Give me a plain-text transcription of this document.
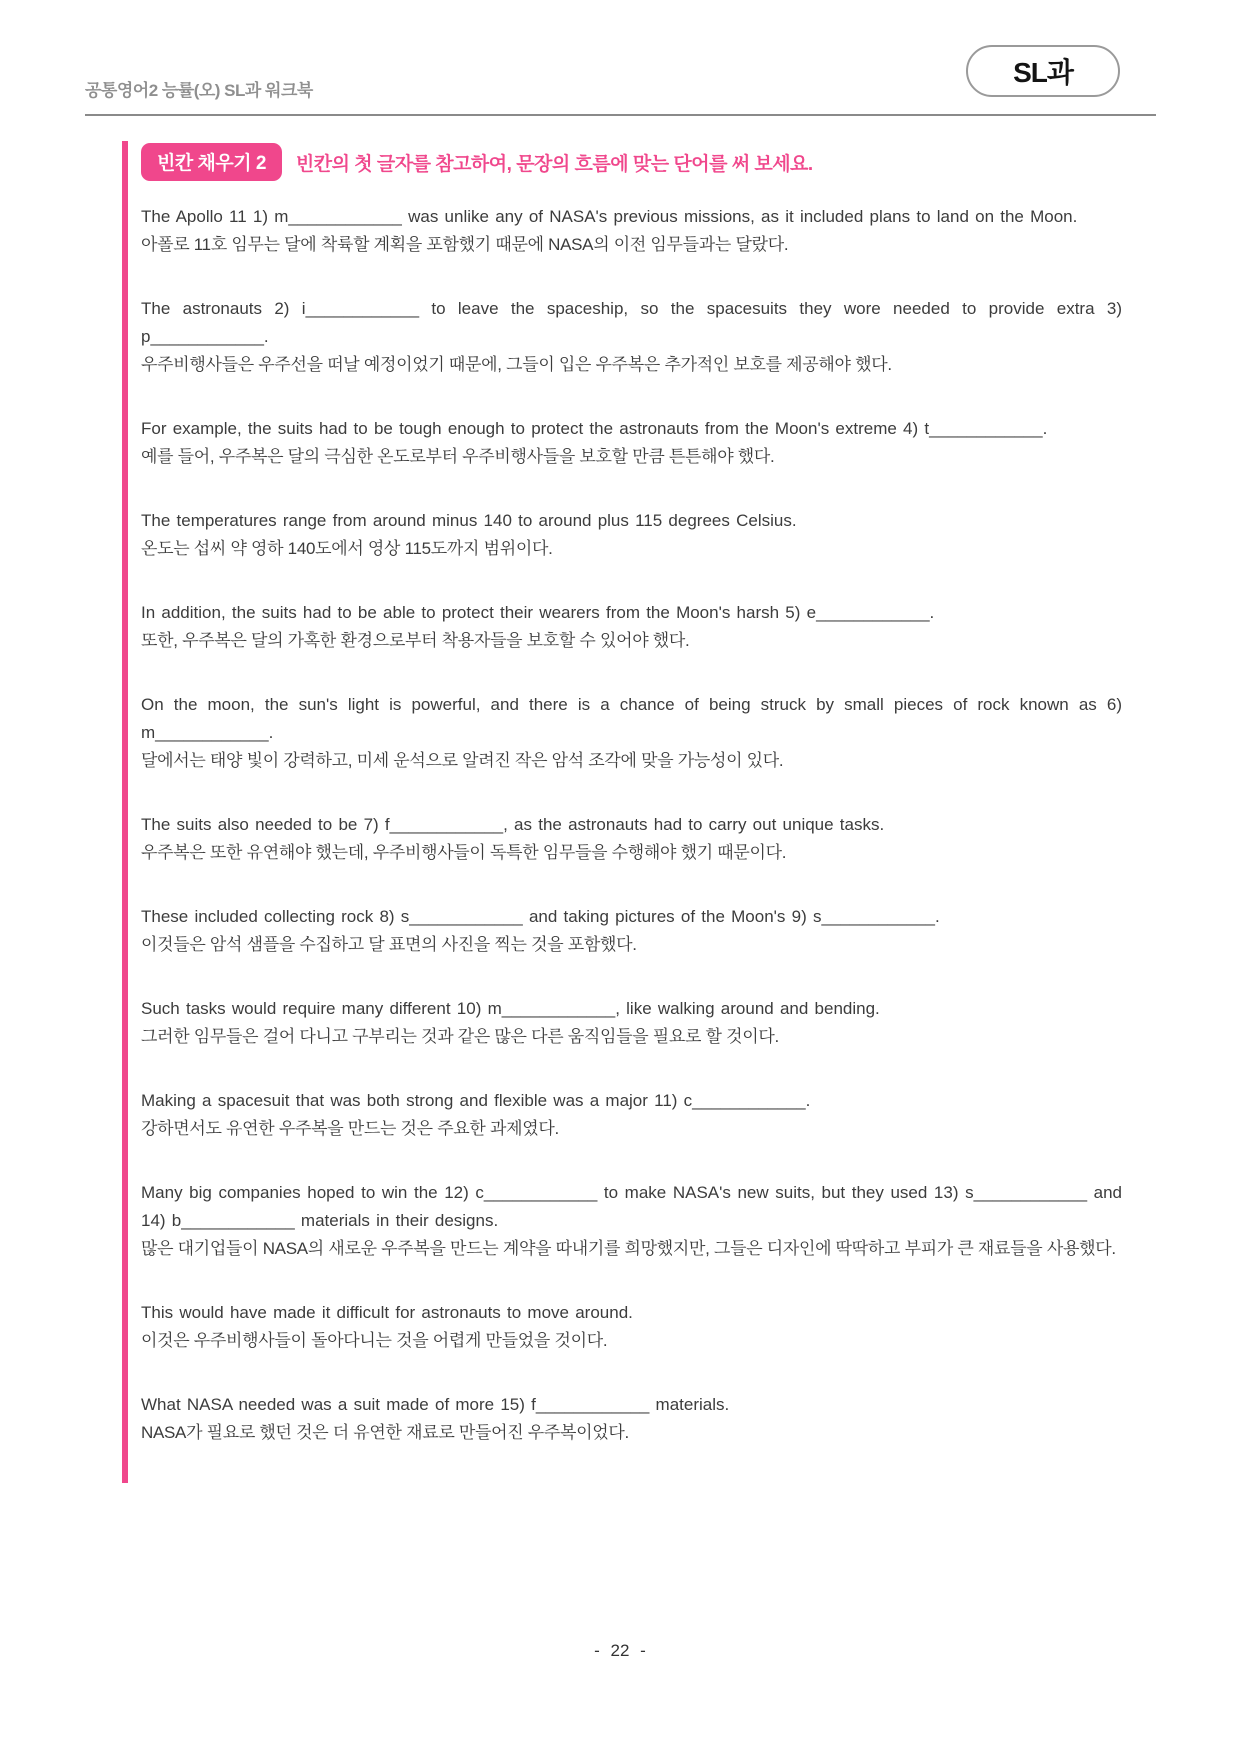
공통영어2 능률(오) SL과 워크북
SL과
빈칸 채우기 2	빈칸의 첫 글자를 참고하여, 문장의 흐름에 맞는 단어를 써 보세요.

The Apollo 11 1) m____________ was unlike any of NASA's previous missions, as it included plans to land on the Moon.

아폴로 11호 임무는 달에 착륙할 계획을 포함했기 때문에 NASA의 이전 임무들과는 달랐다.

The astronauts 2) i____________ to leave the spaceship, so the spacesuits they wore needed to provide extra 3) p____________.

우주비행사들은 우주선을 떠날 예정이었기 때문에, 그들이 입은 우주복은 추가적인 보호를 제공해야 했다.

For example, the suits had to be tough enough to protect the astronauts from the Moon's extreme 4) t____________.

예를 들어, 우주복은 달의 극심한 온도로부터 우주비행사들을 보호할 만큼 튼튼해야 했다.

The temperatures range from around minus 140 to around plus 115 degrees Celsius.

온도는 섭씨 약 영하 140도에서 영상 115도까지 범위이다.

In addition, the suits had to be able to protect their wearers from the Moon's harsh 5) e____________.

또한, 우주복은 달의 가혹한 환경으로부터 착용자들을 보호할 수 있어야 했다.

On the moon, the sun's light is powerful, and there is a chance of being struck by small pieces of rock known as 6) m____________.

달에서는 태양 빛이 강력하고, 미세 운석으로 알려진 작은 암석 조각에 맞을 가능성이 있다.

The suits also needed to be 7) f____________, as the astronauts had to carry out unique tasks.

우주복은 또한 유연해야 했는데, 우주비행사들이 독특한 임무들을 수행해야 했기 때문이다.

These included collecting rock 8) s____________ and taking pictures of the Moon's 9) s____________.

이것들은 암석 샘플을 수집하고 달 표면의 사진을 찍는 것을 포함했다.

Such tasks would require many different 10) m____________, like walking around and bending.

그러한 임무들은 걸어 다니고 구부리는 것과 같은 많은 다른 움직임들을 필요로 할 것이다.

Making a spacesuit that was both strong and flexible was a major 11) c____________.

강하면서도 유연한 우주복을 만드는 것은 주요한 과제였다.

Many big companies hoped to win the 12) c____________ to make NASA's new suits, but they used 13) s____________ and 14) b____________ materials in their designs.

많은 대기업들이 NASA의 새로운 우주복을 만드는 계약을 따내기를 희망했지만, 그들은 디자인에 딱딱하고 부피가 큰 재료들을 사용했다.

This would have made it difficult for astronauts to move around.

이것은 우주비행사들이 돌아다니는 것을 어렵게 만들었을 것이다.

What NASA needed was a suit made of more 15) f____________ materials.

NASA가 필요로 했던 것은 더 유연한 재료로 만들어진 우주복이었다.

- 22 -
